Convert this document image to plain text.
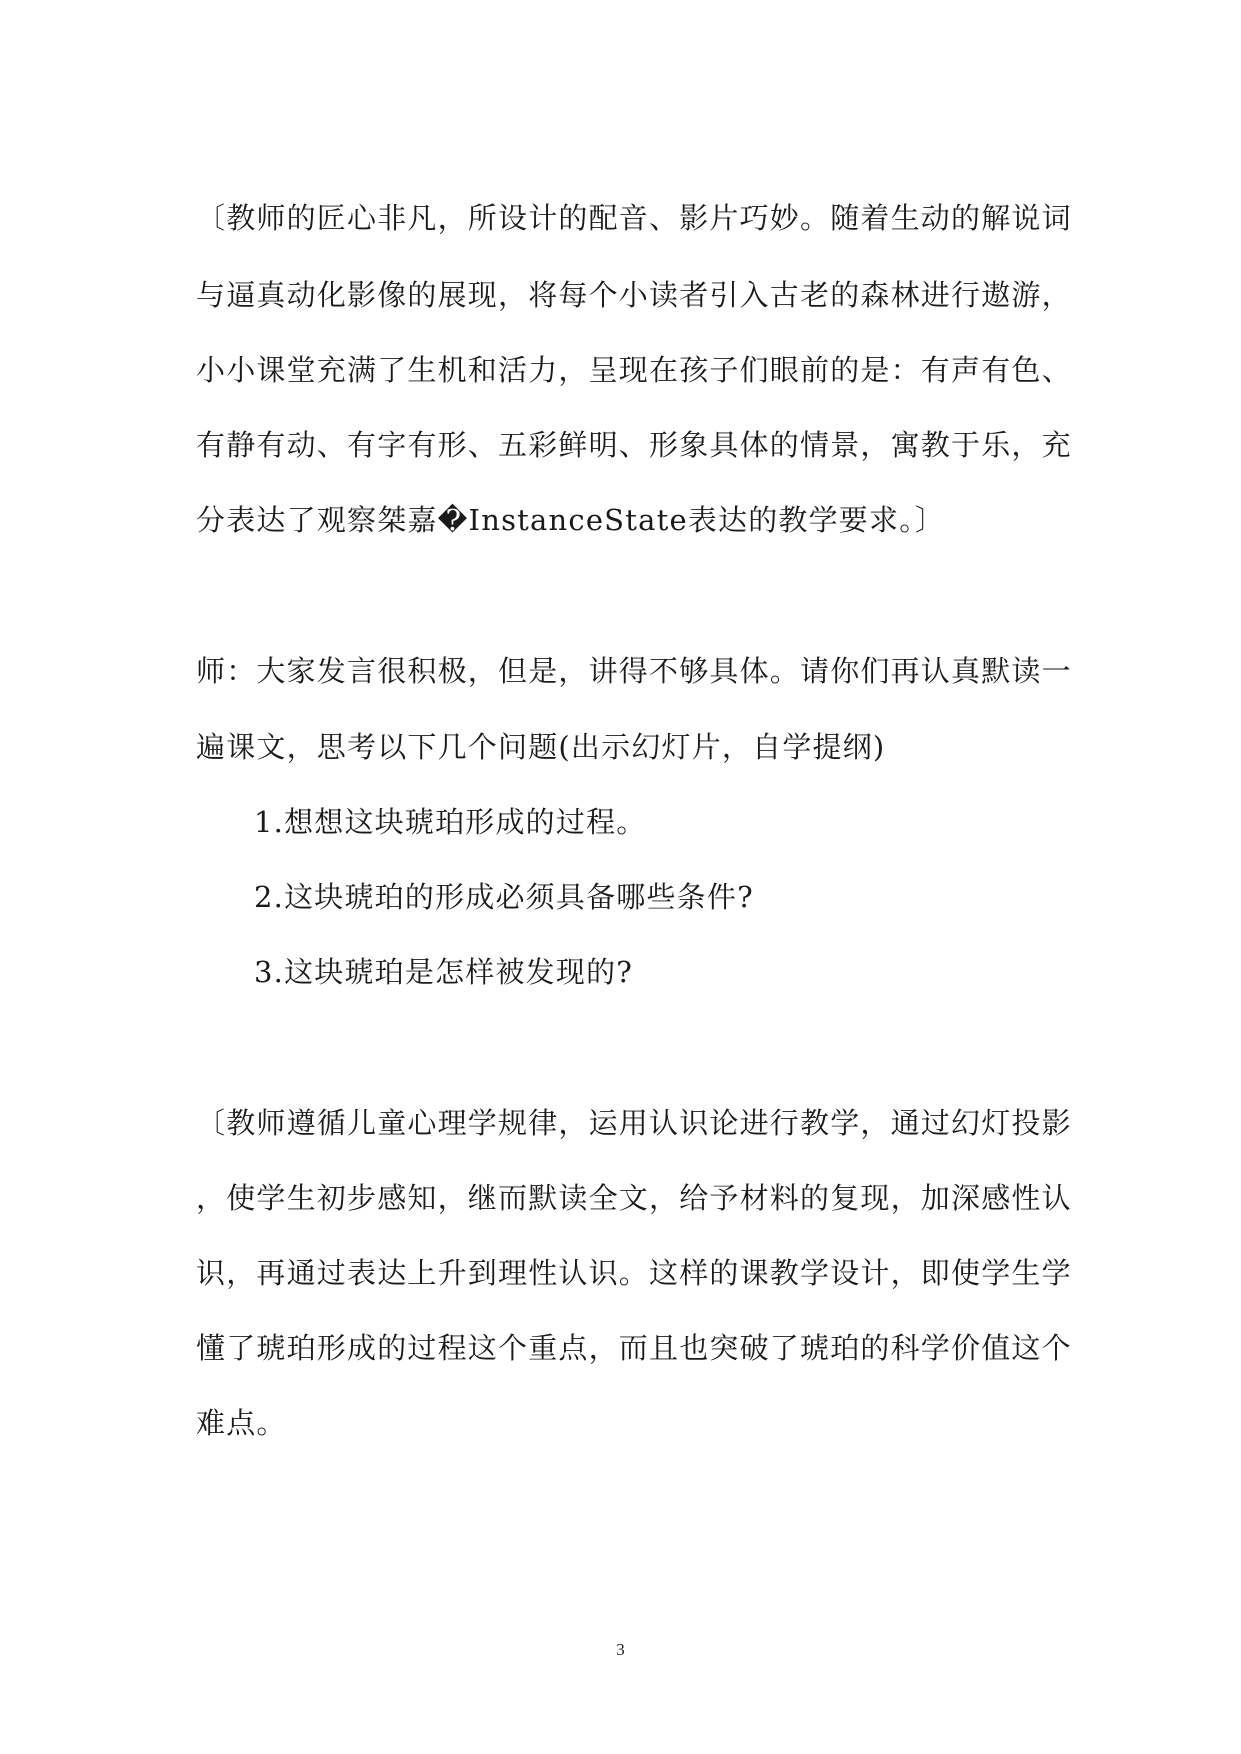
〔教师的匠心非凡，所设计的配音、影片巧妙。随着生动的解说词
与逼真动化影像的展现，将每个小读者引入古老的森林进行遨游，
小小课堂充满了生机和活力，呈现在孩子们眼前的是：有声有色、
有静有动、有字有形、五彩鲜明、形象具体的情景，寓教于乐，充
分表达了观察桀嘉�InstanceState表达的教学要求。〕
师：大家发言很积极，但是，讲得不够具体。请你们再认真默读一
遍课文，思考以下几个问题(出示幻灯片，自学提纲)
1.想想这块琥珀形成的过程。
2.这块琥珀的形成必须具备哪些条件?
3.这块琥珀是怎样被发现的?
〔教师遵循儿童心理学规律，运用认识论进行教学，通过幻灯投影
，使学生初步感知，继而默读全文，给予材料的复现，加深感性认
识，再通过表达上升到理性认识。这样的课教学设计，即使学生学
懂了琥珀形成的过程这个重点，而且也突破了琥珀的科学价值这个
难点。
3
